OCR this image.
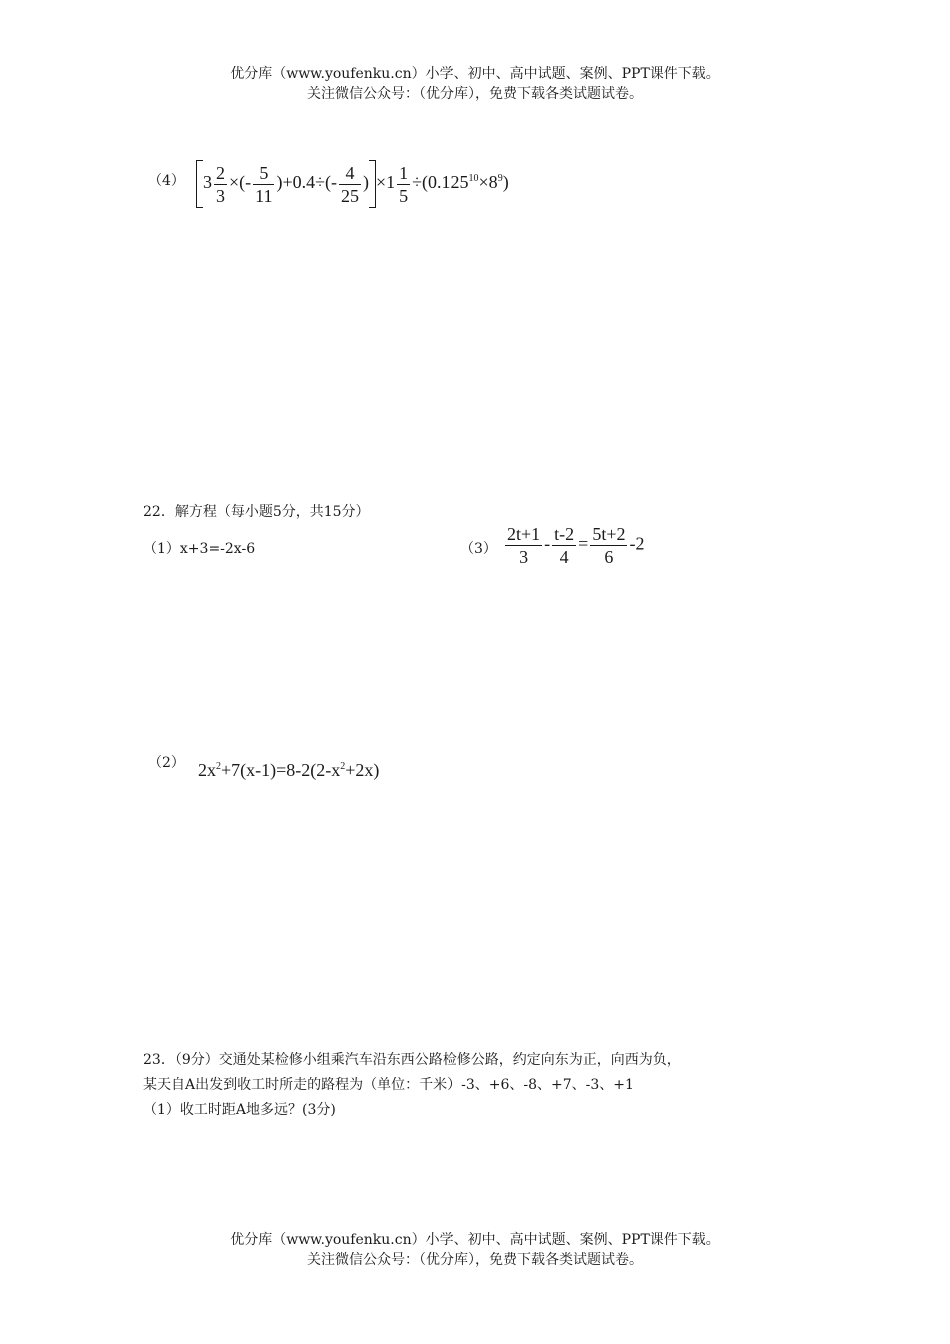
优分库（www.youfenku.cn）小学、初中、高中试题、案例、PPT课件下载。
关注微信公众号：（优分库），免费下载各类试题试卷。
（4）	$3 \frac{2}{3}$ ×(- $\frac{5}{11} )+0.4\div(- \frac{4}{25}$ ) $\times 1 \frac{1}{5} \div(0.125^{10}\times 8^9)$
22．解方程（每小题5分，共15分）
（1）x+3=-2x-6	$(3) \frac{2t+1}{3} - \frac{t-2}{4} = \frac{5t+2}{6} -2$
（2） $2x^2+7(x-1)=8-2(2-x^2+2x)$
23．（9分）交通处某检修小组乘汽车沿东西公路检修公路，约定向东为正，向西为负，
某天自A出发到收工时所走的路程为（单位：千米）-3、+6、-8、+7、-3、+1
（1）收工时距A地多远？(3分)
优分库（www.youfenku.cn）小学、初中、高中试题、案例、PPT课件下载。
关注微信公众号：（优分库），免费下载各类试题试卷。
